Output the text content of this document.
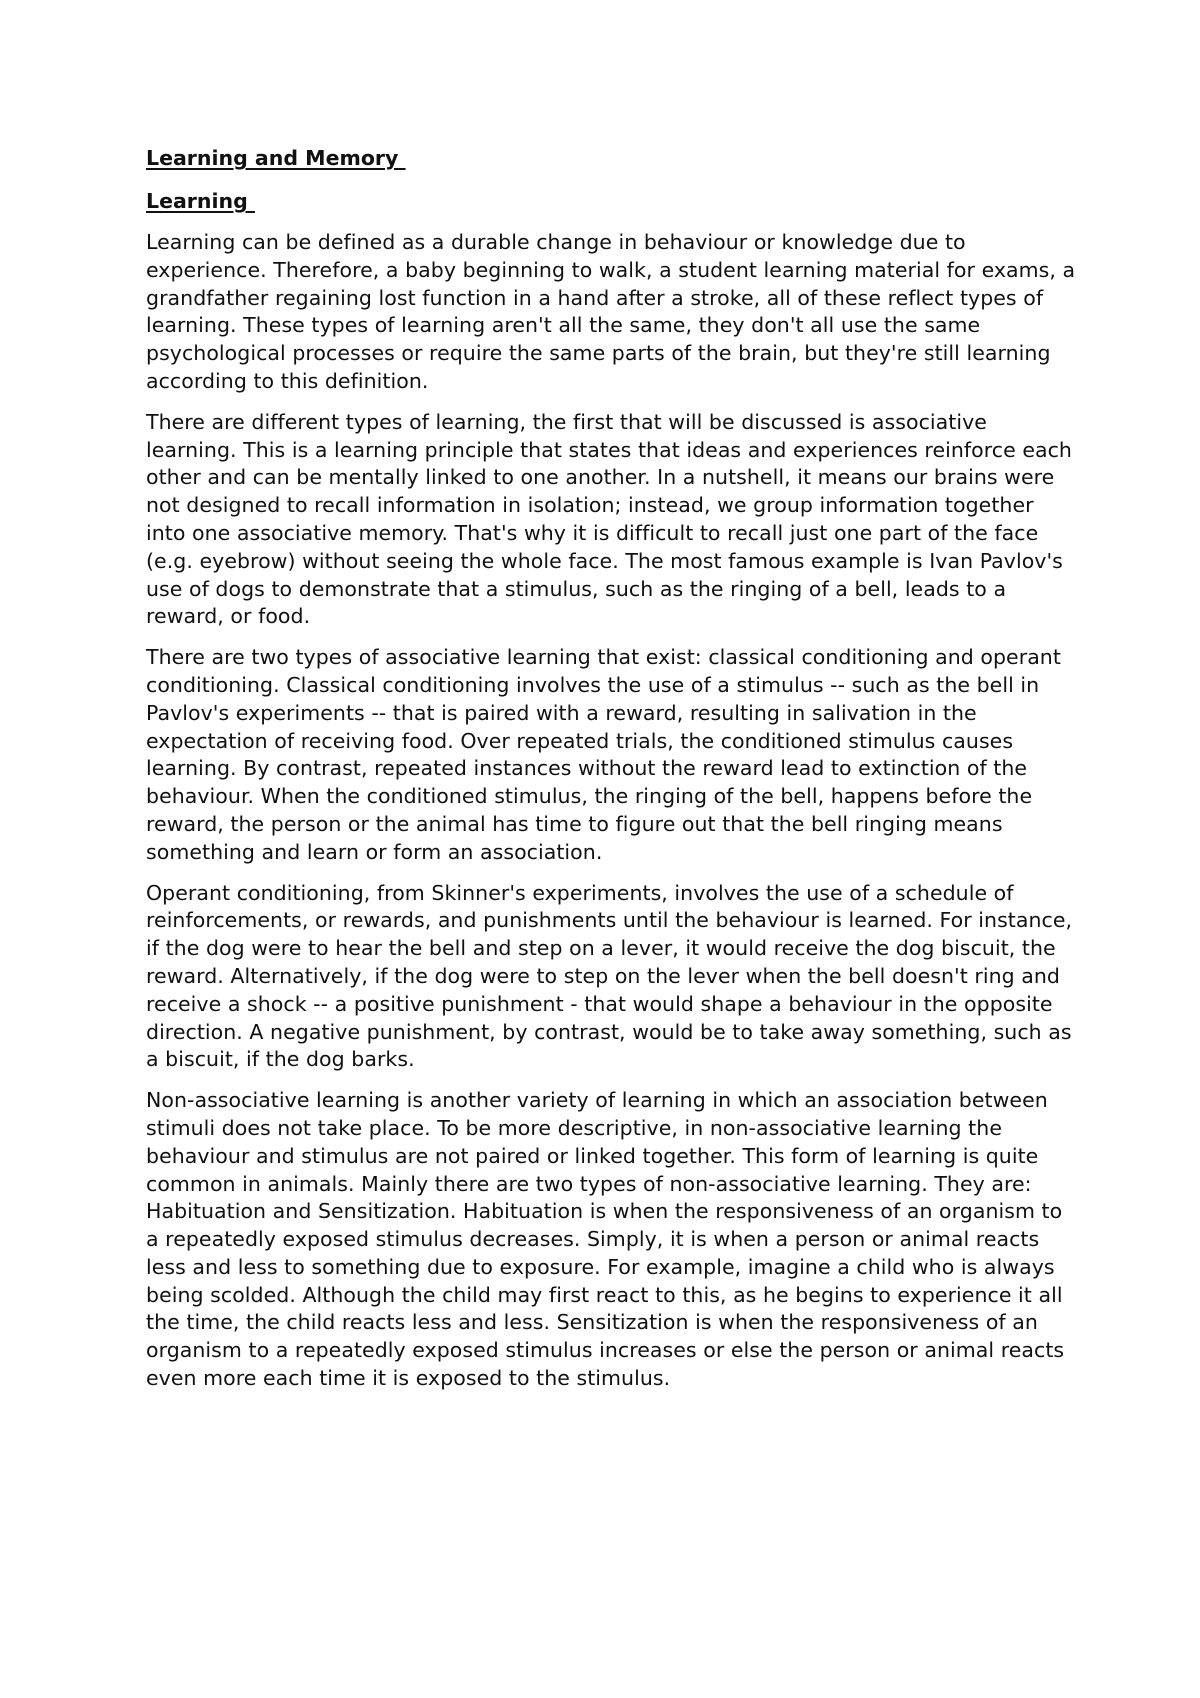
Learning and Memory
Learning

Learning can be defined as a durable change in behaviour or knowledge due to experience. Therefore, a baby beginning to walk, a student learning material for exams, a grandfather regaining lost function in a hand after a stroke, all of these reflect types of learning. These types of learning aren't all the same, they don't all use the same psychological processes or require the same parts of the brain, but they're still learning according to this definition.

There are different types of learning, the first that will be discussed is associative learning. This is a learning principle that states that ideas and experiences reinforce each other and can be mentally linked to one another. In a nutshell, it means our brains were not designed to recall information in isolation; instead, we group information together into one associative memory. That's why it is difficult to recall just one part of the face (e.g. eyebrow) without seeing the whole face. The most famous example is Ivan Pavlov's use of dogs to demonstrate that a stimulus, such as the ringing of a bell, leads to a reward, or food.

There are two types of associative learning that exist: classical conditioning and operant conditioning. Classical conditioning involves the use of a stimulus -- such as the bell in Pavlov's experiments -- that is paired with a reward, resulting in salivation in the expectation of receiving food. Over repeated trials, the conditioned stimulus causes learning. By contrast, repeated instances without the reward lead to extinction of the behaviour. When the conditioned stimulus, the ringing of the bell, happens before the reward, the person or the animal has time to figure out that the bell ringing means something and learn or form an association.

Operant conditioning, from Skinner's experiments, involves the use of a schedule of reinforcements, or rewards, and punishments until the behaviour is learned. For instance, if the dog were to hear the bell and step on a lever, it would receive the dog biscuit, the reward. Alternatively, if the dog were to step on the lever when the bell doesn't ring and receive a shock -- a positive punishment - that would shape a behaviour in the opposite direction. A negative punishment, by contrast, would be to take away something, such as a biscuit, if the dog barks.

Non-associative learning is another variety of learning in which an association between stimuli does not take place. To be more descriptive, in non-associative learning the behaviour and stimulus are not paired or linked together. This form of learning is quite common in animals. Mainly there are two types of non-associative learning. They are: Habituation and Sensitization. Habituation is when the responsiveness of an organism to a repeatedly exposed stimulus decreases. Simply, it is when a person or animal reacts less and less to something due to exposure. For example, imagine a child who is always being scolded. Although the child may first react to this, as he begins to experience it all the time, the child reacts less and less. Sensitization is when the responsiveness of an organism to a repeatedly exposed stimulus increases or else the person or animal reacts even more each time it is exposed to the stimulus.
